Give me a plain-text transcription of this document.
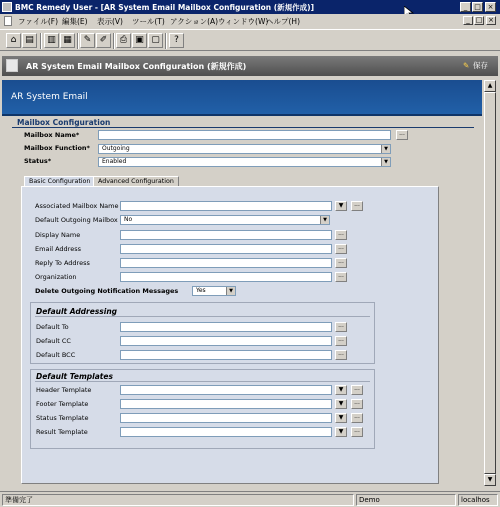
BMC Remedy User - [AR System Email Mailbox Configuration (新規作成)]	_ □ ×
ファイル(F) 編集(E) 表示(V) ツール(T) アクション(A) ウィンドウ(W)
ヘルプ(H)	_ □ ×
⌂ ▤	▥ ▦	✎ ✐	⎙ ▣ ▢	?
AR System Email Mailbox Configuration (新規作成)	✎ 保存
AR System Email
Mailbox Configuration
Mailbox Name*	...
Mailbox Function*	Outgoing	▼
Status*	Enabled	▼
Basic Configuration	Advanced Configuration
Associated Mailbox Name	▼	...
Default Outgoing Mailbox	No	▼
Display Name	...
Email Address	...
Reply To Address	...
Organization	...
Delete Outgoing Notification Messages	Yes	▼
Default Addressing
Default To	...
Default CC	...
Default BCC	...
Default Templates
Header Template	▼	...
Footer Template	▼	...
Status Template	▼	...
Result Template	▼	...
▲
▼
準備完了	Demo	localhos
